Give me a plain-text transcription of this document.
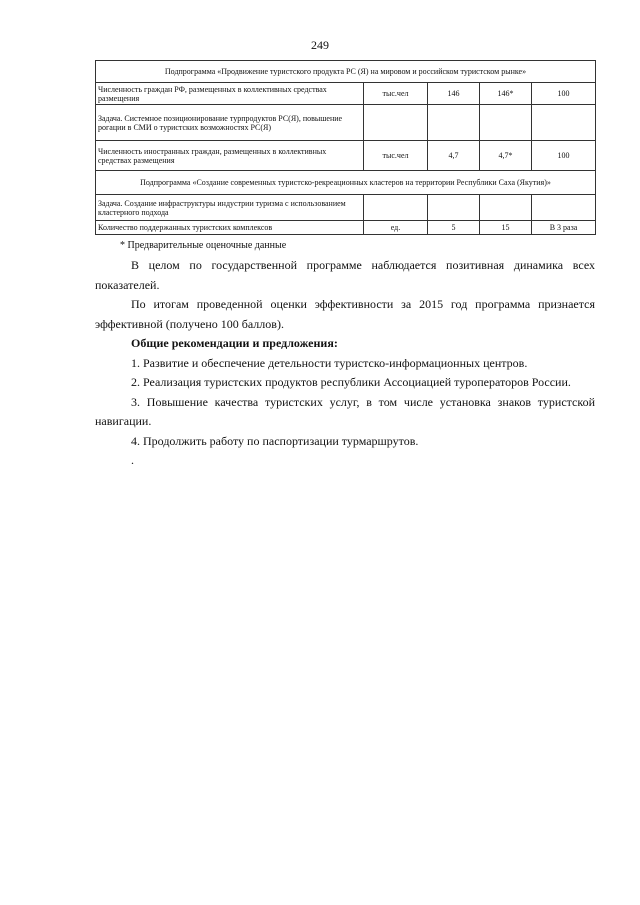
249
Подпрограмма «Продвижение туристского продукта РС (Я) на мировом и российском туристском рынке»				
Численность граждан РФ, размещенных в коллективных средствах размещения	тыс.чел	146	146*	100
Задача. Системное позиционирование турпродуктов РС(Я), повышение рогации в СМИ о туристских возможностях РС(Я)				
Численность иностранных граждан, размещенных в коллективных средствах размещения	тыс.чел	4,7	4,7*	100
Подпрограмма «Создание современных туристско-рекреационных кластеров на территории Республики Саха (Якутия)»				
Задача. Создание инфраструктуры индустрии туризма с использованием кластерного подхода				
Количество поддержанных туристских комплексов	ед.	5	15	В 3 раза
* Предварительные оценочные данные

В целом по государственной программе наблюдается позитивная динамика всех показателей.

По итогам проведенной оценки эффективности за 2015 год программа признается эффективной (получено 100 баллов).

Общие рекомендации и предложения:

1. Развитие и обеспечение детельности туристско-информационных центров.

2. Реализация туристских продуктов республики Ассоциацией туроператоров России.

3. Повышение качества туристских услуг, в том числе установка знаков туристской навигации.

4. Продолжить работу по паспортизации турмаршрутов.

.
